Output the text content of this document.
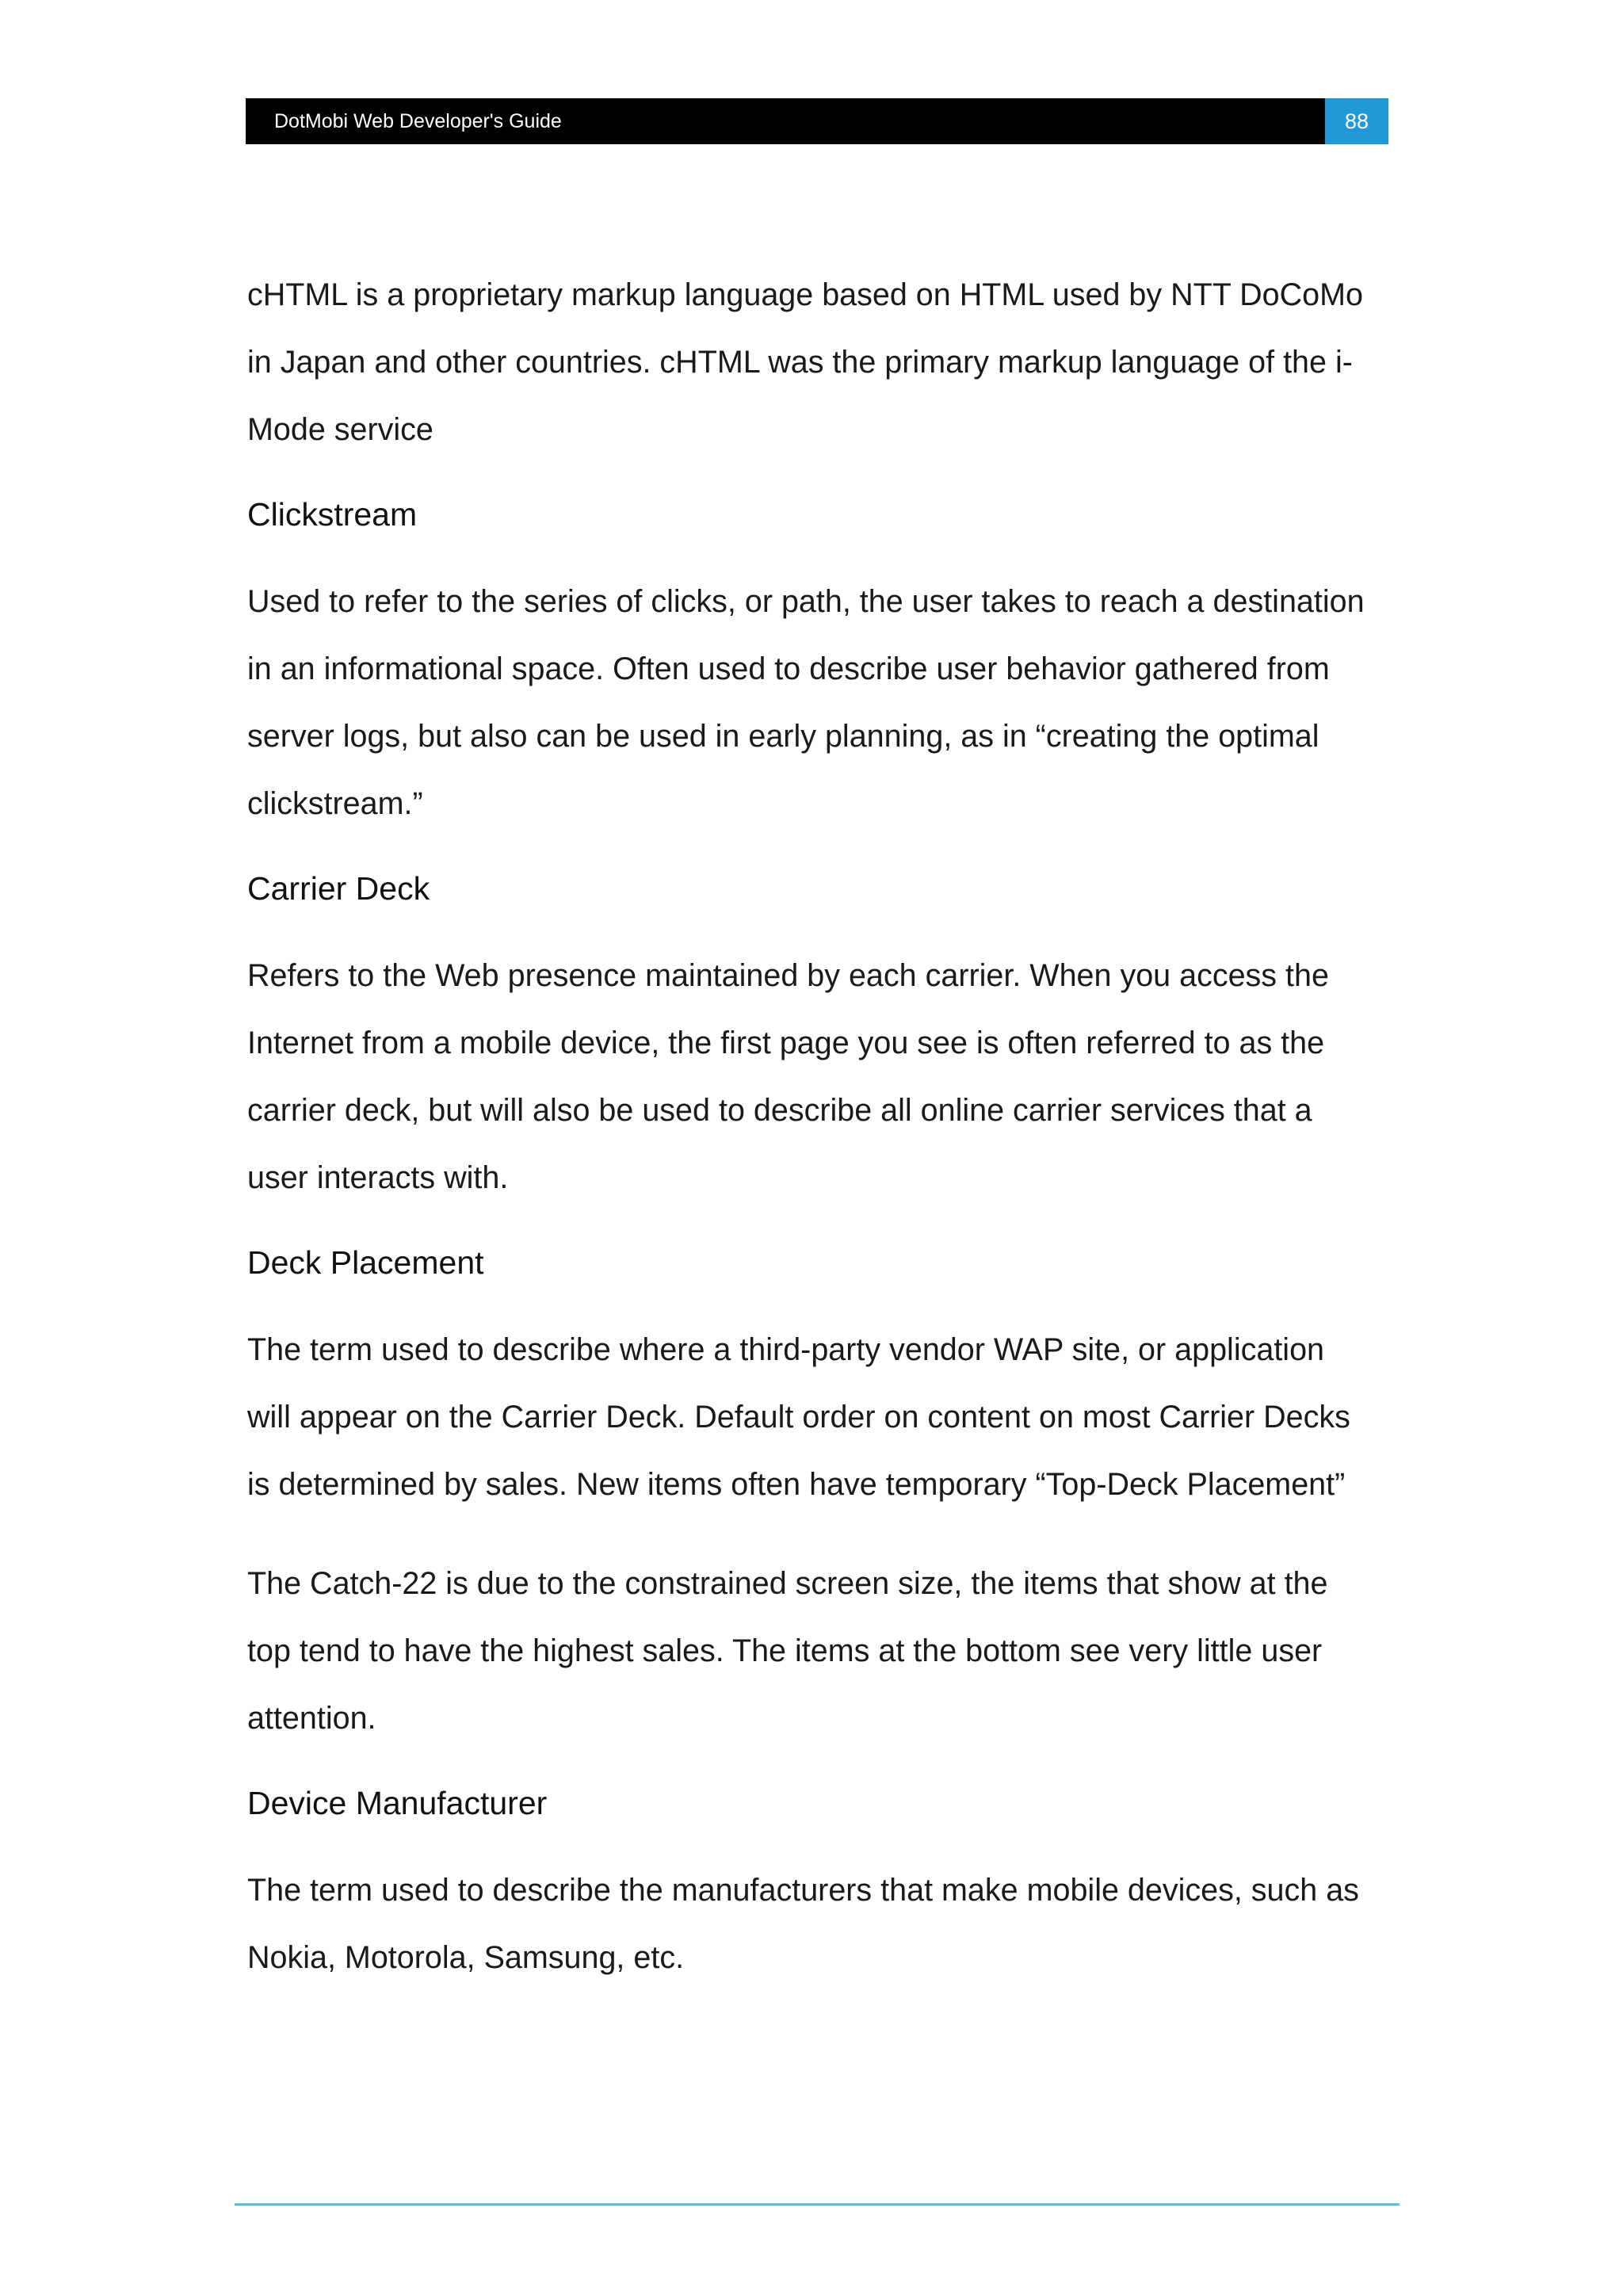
DotMobi Web Developer's Guide	88

cHTML is a proprietary markup language based on HTML used by NTT DoCoMo
in Japan and other countries. cHTML was the primary markup language of the i-
Mode service

Clickstream

Used to refer to the series of clicks, or path, the user takes to reach a destination
in an informational space. Often used to describe user behavior gathered from
server logs, but also can be used in early planning, as in “creating the optimal
clickstream.”

Carrier Deck

Refers to the Web presence maintained by each carrier. When you access the
Internet from a mobile device, the first page you see is often referred to as the
carrier deck, but will also be used to describe all online carrier services that a
user interacts with.

Deck Placement

The term used to describe where a third-party vendor WAP site, or application
will appear on the Carrier Deck. Default order on content on most Carrier Decks
is determined by sales. New items often have temporary “Top-Deck Placement”

The Catch-22 is due to the constrained screen size, the items that show at the
top tend to have the highest sales. The items at the bottom see very little user
attention.

Device Manufacturer

The term used to describe the manufacturers that make mobile devices, such as
Nokia, Motorola, Samsung, etc.
